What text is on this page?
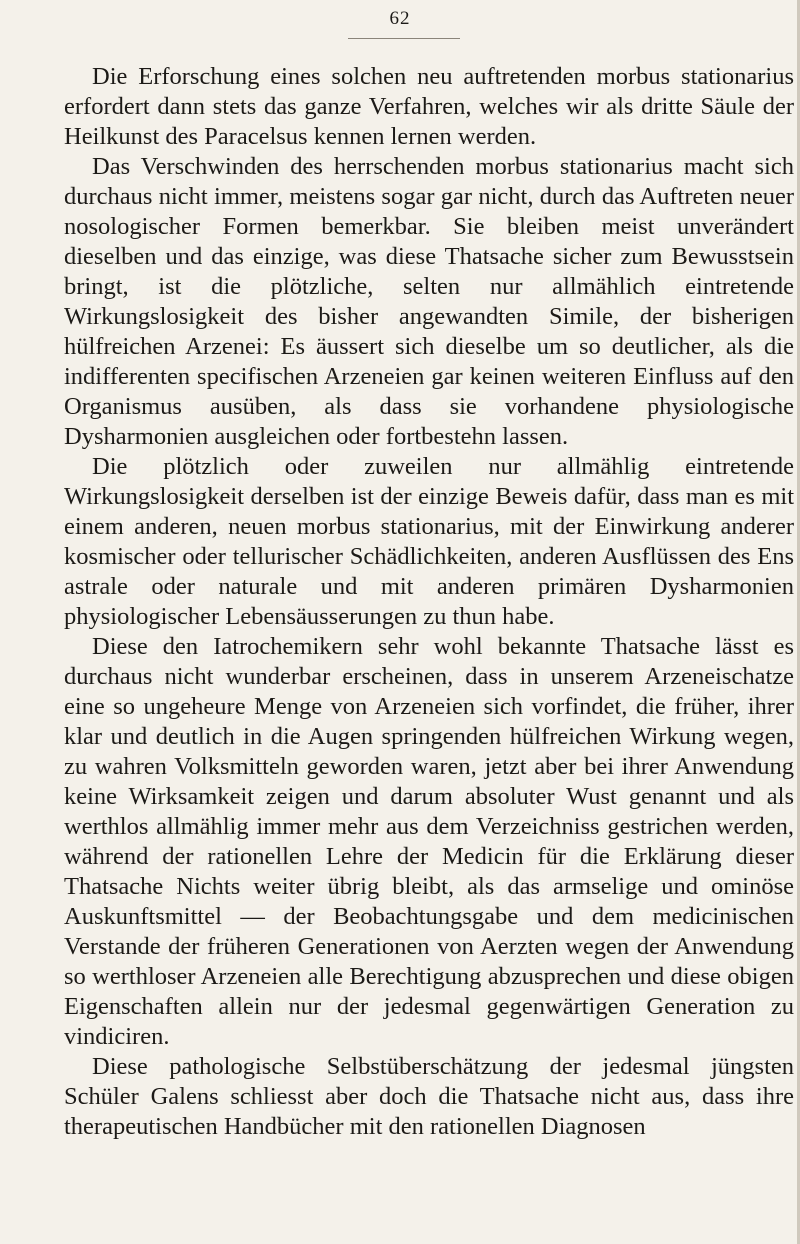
62

Die Erforschung eines solchen neu auftretenden morbus stationarius erfordert dann stets das ganze Verfahren, welches wir als dritte Säule der Heilkunst des Paracelsus kennen lernen werden.

Das Verschwinden des herrschenden morbus stationarius macht sich durchaus nicht immer, meistens sogar gar nicht, durch das Auftreten neuer nosologischer Formen bemerkbar. Sie bleiben meist unverändert dieselben und das einzige, was diese Thatsache sicher zum Bewusstsein bringt, ist die plötzliche, selten nur allmählich eintretende Wirkungslosigkeit des bisher angewandten Simile, der bisherigen hülfreichen Arzenei: Es äussert sich dieselbe um so deutlicher, als die indifferenten specifischen Arzeneien gar keinen weiteren Einfluss auf den Organismus ausüben, als dass sie vorhandene physiologische Dysharmonien ausgleichen oder fortbestehn lassen.

Die plötzlich oder zuweilen nur allmählig eintretende Wirkungslosigkeit derselben ist der einzige Beweis dafür, dass man es mit einem anderen, neuen morbus stationarius, mit der Einwirkung anderer kosmischer oder tellurischer Schädlichkeiten, anderen Ausflüssen des Ens astrale oder naturale und mit anderen primären Dysharmonien physiologischer Lebensäusserungen zu thun habe.

Diese den Iatrochemikern sehr wohl bekannte Thatsache lässt es durchaus nicht wunderbar erscheinen, dass in unserem Arzeneischatze eine so ungeheure Menge von Arzeneien sich vorfindet, die früher, ihrer klar und deutlich in die Augen springenden hülfreichen Wirkung wegen, zu wahren Volksmitteln geworden waren, jetzt aber bei ihrer Anwendung keine Wirksamkeit zeigen und darum absoluter Wust genannt und als werthlos allmählig immer mehr aus dem Verzeichniss gestrichen werden, während der rationellen Lehre der Medicin für die Erklärung dieser Thatsache Nichts weiter übrig bleibt, als das armselige und ominöse Auskunftsmittel — der Beobachtungsgabe und dem medicinischen Verstande der früheren Generationen von Aerzten wegen der Anwendung so werthloser Arzeneien alle Berechtigung abzusprechen und diese obigen Eigenschaften allein nur der jedesmal gegenwärtigen Generation zu vindiciren.

Diese pathologische Selbstüberschätzung der jedesmal jüngsten Schüler Galens schliesst aber doch die Thatsache nicht aus, dass ihre therapeutischen Handbücher mit den rationellen Diagnosen
